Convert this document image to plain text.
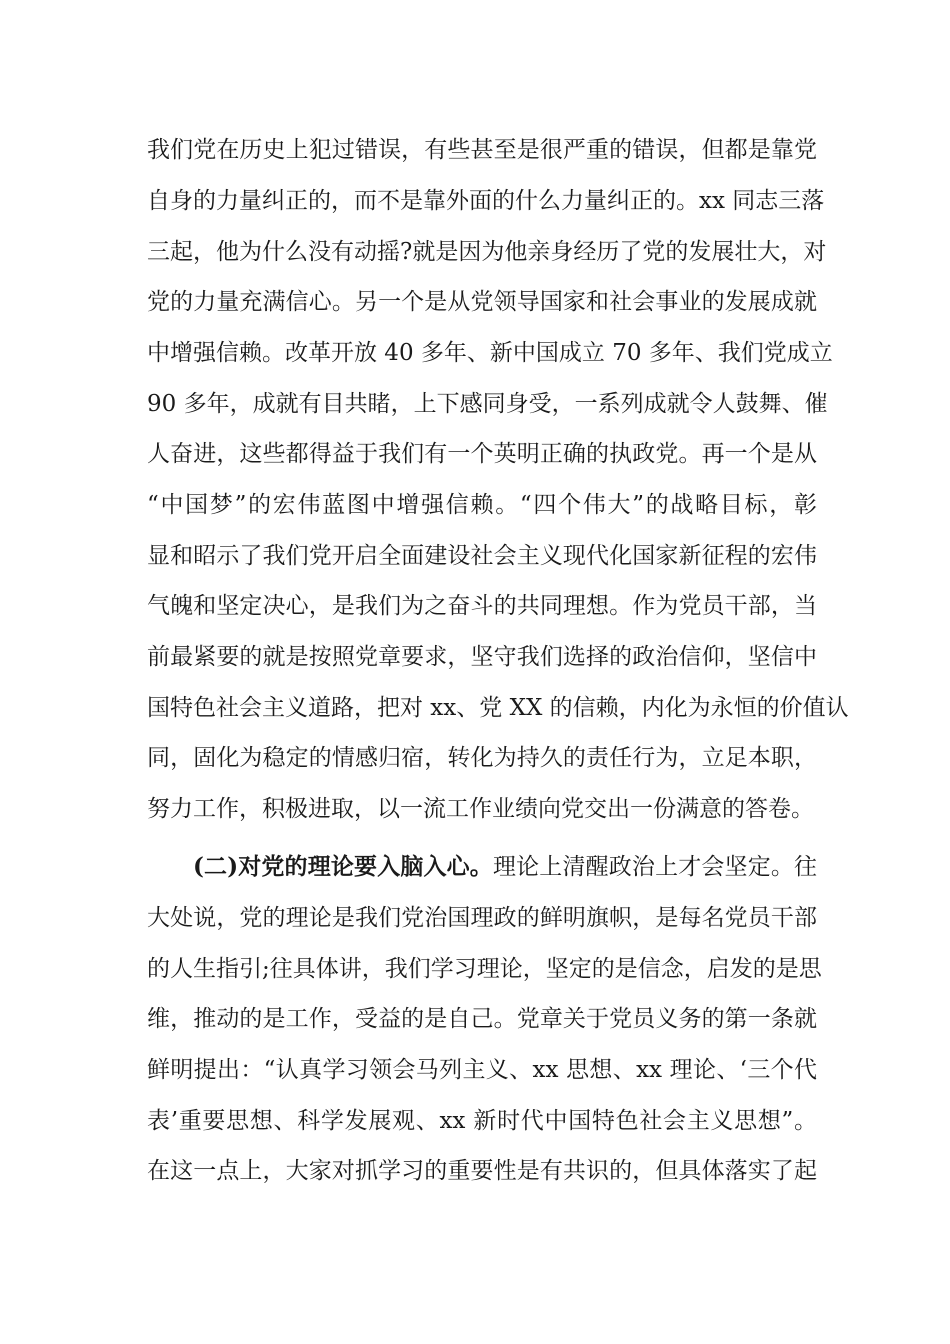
我们党在历史上犯过错误，有些甚至是很严重的错误，但都是靠党
自身的力量纠正的，而不是靠外面的什么力量纠正的。xx 同志三落
三起，他为什么没有动摇?就是因为他亲身经历了党的发展壮大，对
党的力量充满信心。另一个是从党领导国家和社会事业的发展成就
中增强信赖。改革开放 40 多年、新中国成立 70 多年、我们党成立
90 多年，成就有目共睹，上下感同身受，一系列成就令人鼓舞、催
人奋进，这些都得益于我们有一个英明正确的执政党。再一个是从
“中国梦”的宏伟蓝图中增强信赖。“四个伟大”的战略目标，彰
显和昭示了我们党开启全面建设社会主义现代化国家新征程的宏伟
气魄和坚定决心，是我们为之奋斗的共同理想。作为党员干部，当
前最紧要的就是按照党章要求，坚守我们选择的政治信仰，坚信中
国特色社会主义道路，把对 xx、党 XX 的信赖，内化为永恒的价值认
同，固化为稳定的情感归宿，转化为持久的责任行为，立足本职，
努力工作，积极进取，以一流工作业绩向党交出一份满意的答卷。
(二)对党的理论要入脑入心。理论上清醒政治上才会坚定。往
大处说，党的理论是我们党治国理政的鲜明旗帜，是每名党员干部
的人生指引;往具体讲，我们学习理论，坚定的是信念，启发的是思
维，推动的是工作，受益的是自己。党章关于党员义务的第一条就
鲜明提出：“认真学习领会马列主义、xx 思想、xx 理论、‘三个代
表’重要思想、科学发展观、xx 新时代中国特色社会主义思想”。
在这一点上，大家对抓学习的重要性是有共识的，但具体落实了起
